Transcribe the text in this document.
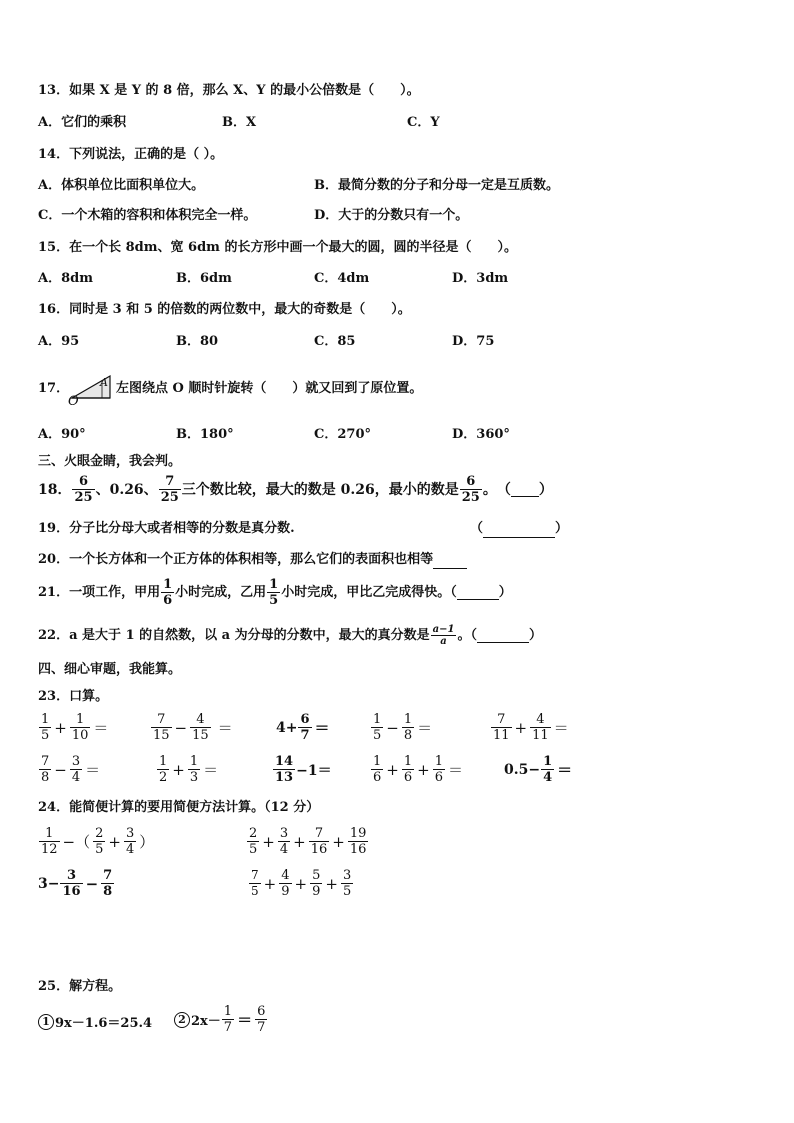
13．如果 X 是 Y 的 8 倍，那么 X、Y 的最小公倍数是（　　）。
A．它们的乘积	B．X	C．Y
14．下列说法，正确的是（ ）。
A．体积单位比面积单位大。	B．最简分数的分子和分母一定是互质数。
C．一个木箱的容积和体积完全一样。	D．大于的分数只有一个。
15．在一个长 8dm、宽 6dm 的长方形中画一个最大的圆，圆的半径是（　　）。
A．8dm	B．6dm	C．4dm	D．3dm
16．同时是 3 和 5 的倍数的两位数中，最大的奇数是（　　）。
A．95	B．80	C．85	D．75
17．
O
A 左图绕点 O 顺时针旋转（　　）就又回到了原位置。
A．90°	B．180°	C．270°	D．360°
三、火眼金睛，我会判。
18． $\frac{6}{25}$ 、0.26、 $\frac{7}{25}$ 三个数比较，最大的数是 0.26，最小的数是 $\frac{6}{25}$ 。　（ ）
19．分子比分母大或者相等的分数是真分数.	（	）
20．一个长方体和一个正方体的体积相等，那么它们的表面积也相等
21． 一项工作，甲用 $\frac{1}{6}$ 小时完成，乙用 $\frac{1}{5}$ 小时完成，甲比乙完成得快。（	）
22． a 是大于 1 的自然数，以 a 为分母的分数中，最大的真分数是 $\frac{a-1}{a}$ 。（	）
四、细心审题，我能算。
23．口算。
$\frac{1}{5} + \frac{1}{10}$ ＝	$\frac{7}{15} - \frac{4}{15}$ ＝	$4+ \frac{6}{7}$ ＝	$\frac{1}{5} - \frac{1}{8}$ ＝	$\frac{7}{11} + \frac{4}{11}$ ＝
$\frac{7}{8} - \frac{3}{4}$ ＝	$\frac{1}{2} + \frac{1}{3}$ ＝	$\frac{14}{13} -1=$	$\frac{1}{6} + \frac{1}{6} + \frac{1}{6}$ ＝	$0.5- \frac{1}{4}$ ＝
24．能简便计算的要用简便方法计算。（12 分）
$\frac{1}{12}$ −（ $\frac{2}{5} + \frac{3}{4}$ ）	$\frac{2}{5} + \frac{3}{4} + \frac{7}{16} + \frac{19}{16}$
$3- \frac{3}{16} - \frac{7}{8}$	$\frac{7}{5} + \frac{4}{9} + \frac{5}{9} + \frac{3}{5}$
25．解方程。
1 9x－1.6＝25.4	2 $2x- \frac{1}{7} = \frac{6}{7}$
